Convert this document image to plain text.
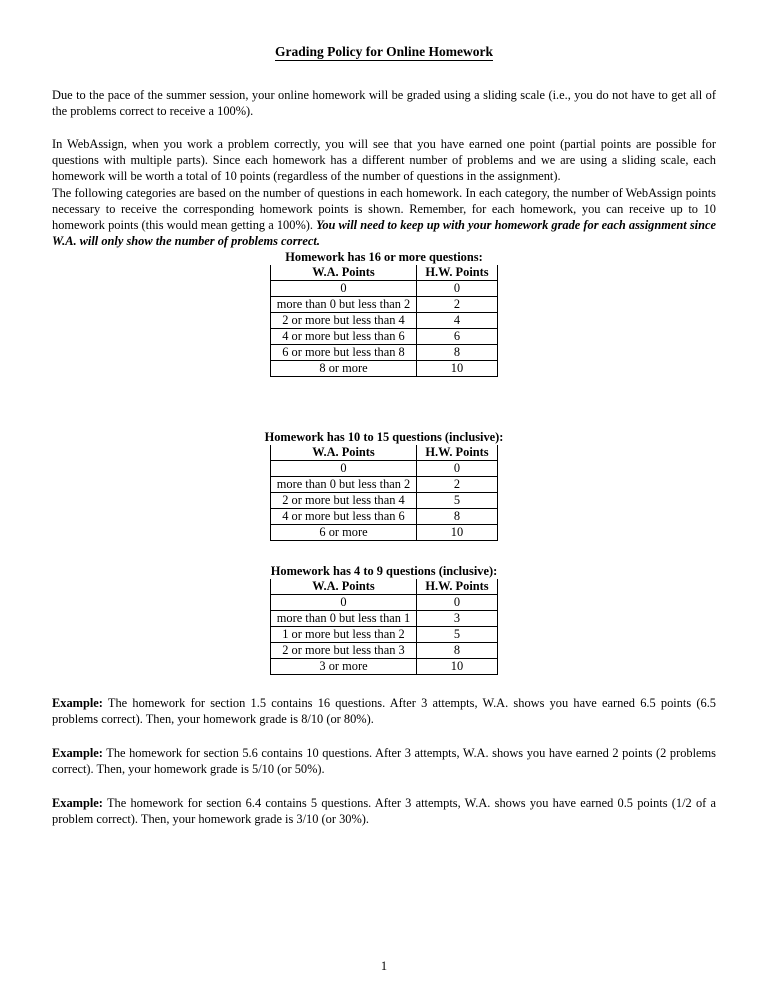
Grading Policy for Online Homework

Due to the pace of the summer session, your online homework will be graded using a sliding scale (i.e., you do not have to get all of the problems correct to receive a 100%).

In WebAssign, when you work a problem correctly, you will see that you have earned one point (partial points are possible for questions with multiple parts). Since each homework has a different number of problems and we are using a sliding scale, each homework will be worth a total of 10 points (regardless of the number of questions in the assignment).

The following categories are based on the number of questions in each homework. In each category, the number of WebAssign points necessary to receive the corresponding homework points is shown. Remember, for each homework, you can receive up to 10 homework points (this would mean getting a 100%). You will need to keep up with your homework grade for each assignment since W.A. will only show the number of problems correct.

Homework has 16 or more questions:
W.A. Points	H.W. Points
0	0
more than 0 but less than 2	2
2 or more but less than 4	4
4 or more but less than 6	6
6 or more but less than 8	8
8 or more	10
Homework has 10 to 15 questions (inclusive):
W.A. Points	H.W. Points
0	0
more than 0 but less than 2	2
2 or more but less than 4	5
4 or more but less than 6	8
6 or more	10
Homework has 4 to 9 questions (inclusive):
W.A. Points	H.W. Points
0	0
more than 0 but less than 1	3
1 or more but less than 2	5
2 or more but less than 3	8
3 or more	10

Example: The homework for section 1.5 contains 16 questions. After 3 attempts, W.A. shows you have earned 6.5 points (6.5 problems correct). Then, your homework grade is 8/10 (or 80%).

Example: The homework for section 5.6 contains 10 questions. After 3 attempts, W.A. shows you have earned 2 points (2 problems correct). Then, your homework grade is 5/10 (or 50%).

Example: The homework for section 6.4 contains 5 questions. After 3 attempts, W.A. shows you have earned 0.5 points (1/2 of a problem correct). Then, your homework grade is 3/10 (or 30%).

1
